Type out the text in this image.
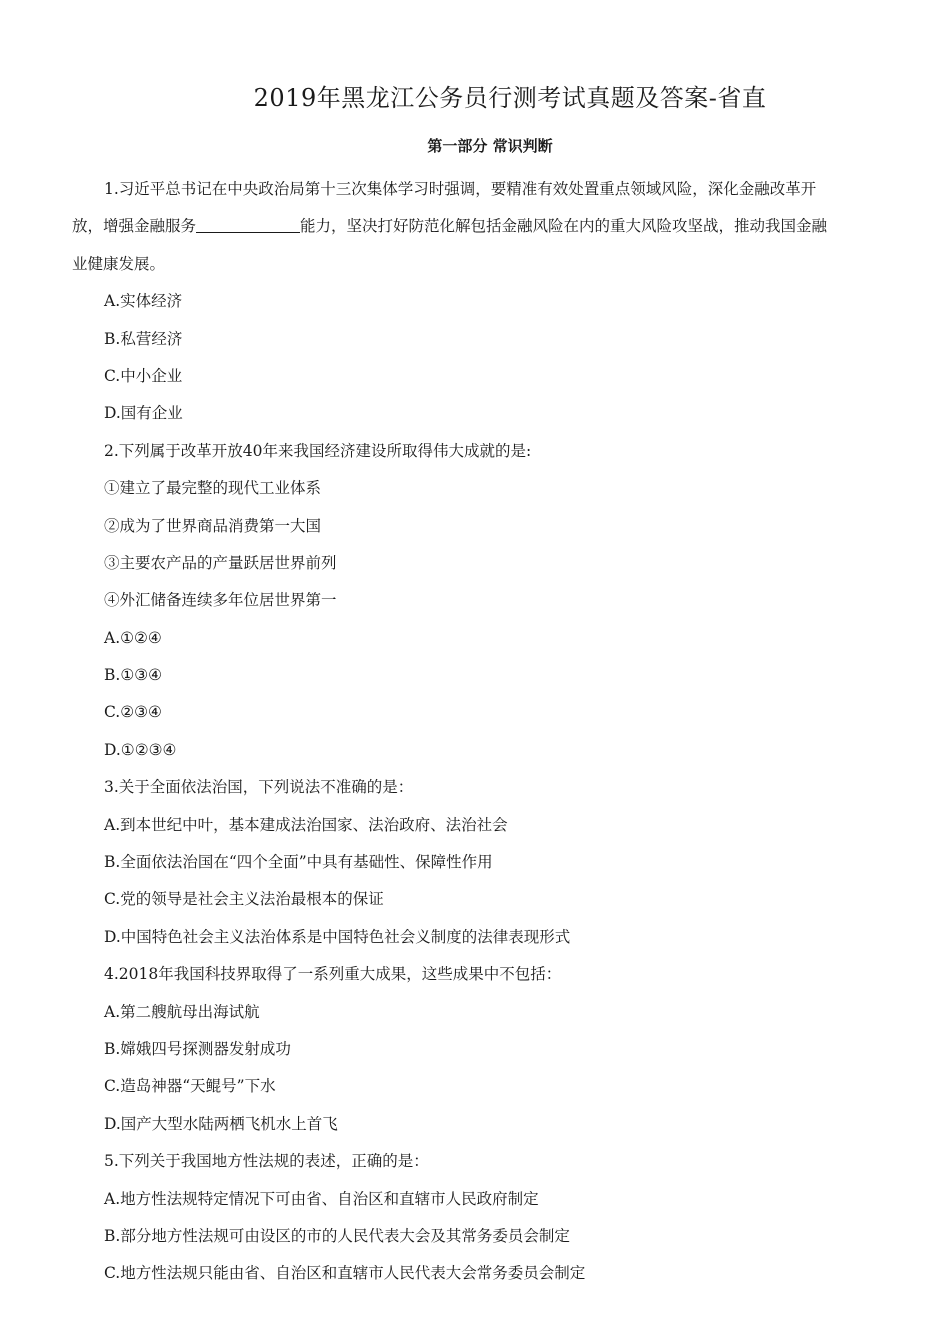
2019年黑龙江公务员行测考试真题及答案-省直
第一部分 常识判断
1.习近平总书记在中央政治局第十三次集体学习时强调，要精准有效处置重点领域风险，深化金融改革开
放，增强金融服务	能力，坚决打好防范化解包括金融风险在内的重大风险攻坚战，推动我国金融
业健康发展。
A.实体经济
B.私营经济
C.中小企业
D.国有企业
2.下列属于改革开放40年来我国经济建设所取得伟大成就的是:
①建立了最完整的现代工业体系
②成为了世界商品消费第一大国
③主要农产品的产量跃居世界前列
④外汇储备连续多年位居世界第一
A.①②④
B.①③④
C.②③④
D.①②③④
3.关于全面依法治国，下列说法不准确的是：
A.到本世纪中叶，基本建成法治国家、法治政府、法治社会
B.全面依法治国在“四个全面”中具有基础性、保障性作用
C.党的领导是社会主义法治最根本的保证
D.中国特色社会主义法治体系是中国特色社会义制度的法律表现形式
4.2018年我国科技界取得了一系列重大成果，这些成果中不包括：
A.第二艘航母出海试航
B.嫦娥四号探测器发射成功
C.造岛神器“天鲲号”下水
D.国产大型水陆两栖飞机水上首飞
5.下列关于我国地方性法规的表述，正确的是：
A.地方性法规特定情况下可由省、自治区和直辖市人民政府制定
B.部分地方性法规可由设区的市的人民代表大会及其常务委员会制定
C.地方性法规只能由省、自治区和直辖市人民代表大会常务委员会制定
